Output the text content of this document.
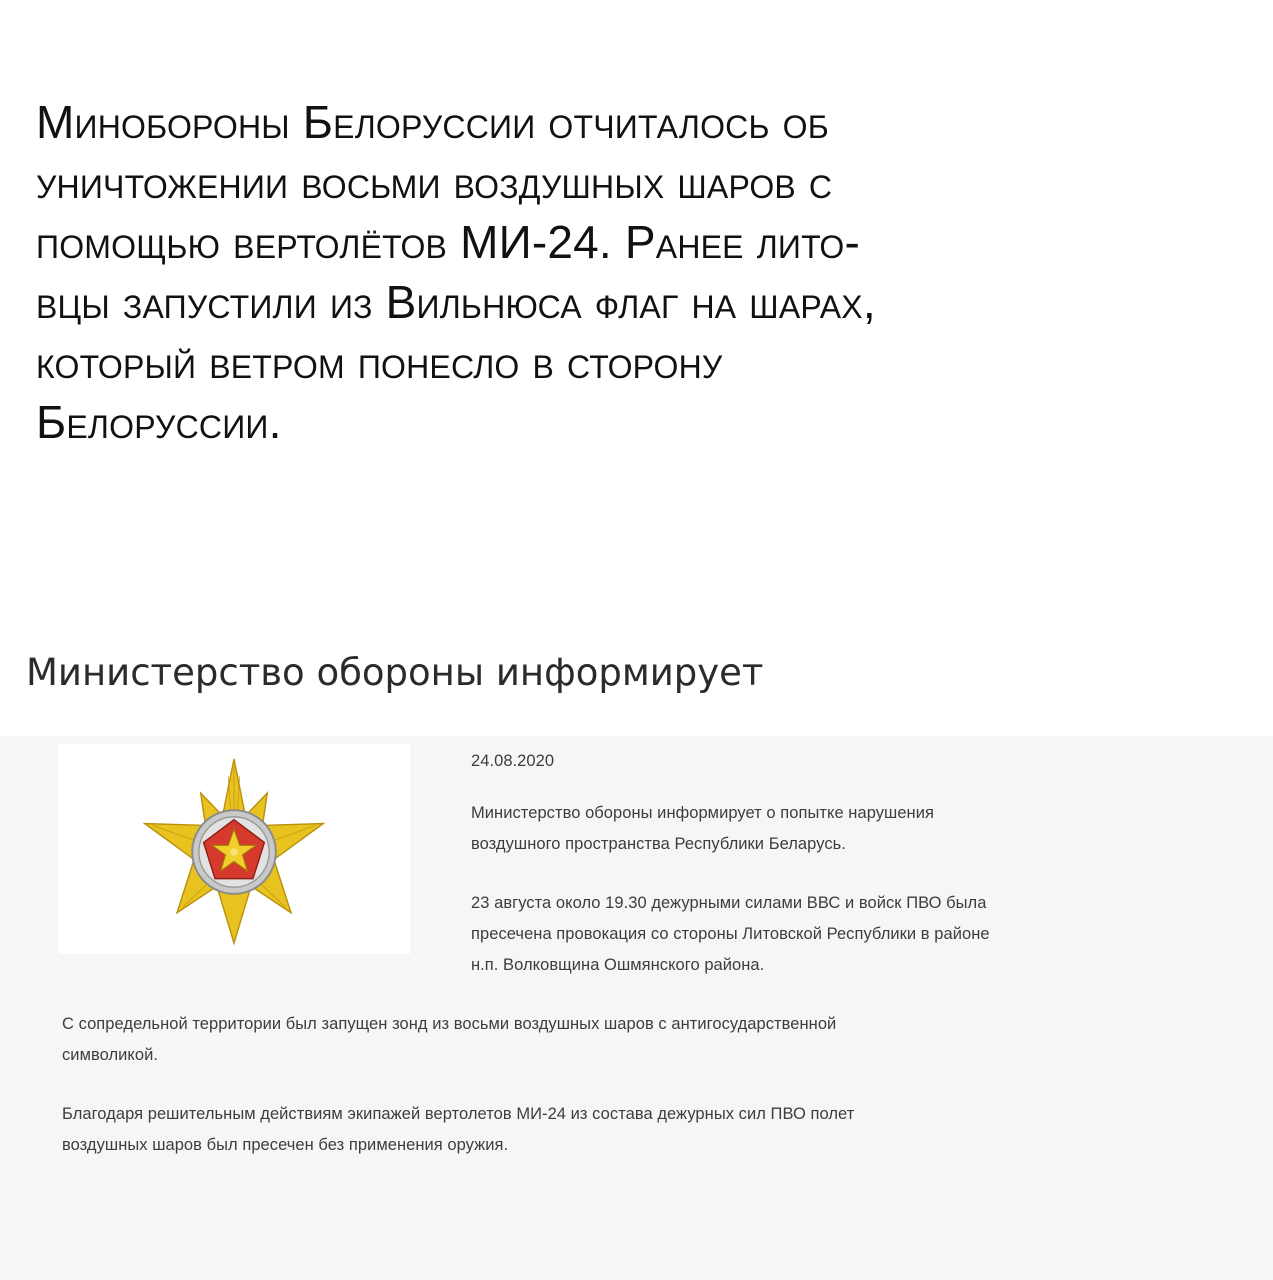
Минобороны Белоруссии отчиталось об
уничтожении восьми воздушных шаров с
помощью вертолётов МИ-24. Ранее лито-
вцы запустили из Вильнюса флаг на шарах,
который ветром понесло в сторону
Белоруссии.
Министерство обороны информирует
24.08.2020
Министерство обороны информирует о попытке нарушения
воздушного пространства Республики Беларусь.
23 августа около 19.30 дежурными силами ВВС и войск ПВО была
пресечена провокация со стороны Литовской Республики в районе
н.п. Волковщина Ошмянского района.
С сопредельной территории был запущен зонд из восьми воздушных шаров с антигосударственной
символикой.
Благодаря решительным действиям экипажей вертолетов МИ-24 из состава дежурных сил ПВО полет
воздушных шаров был пресечен без применения оружия.
